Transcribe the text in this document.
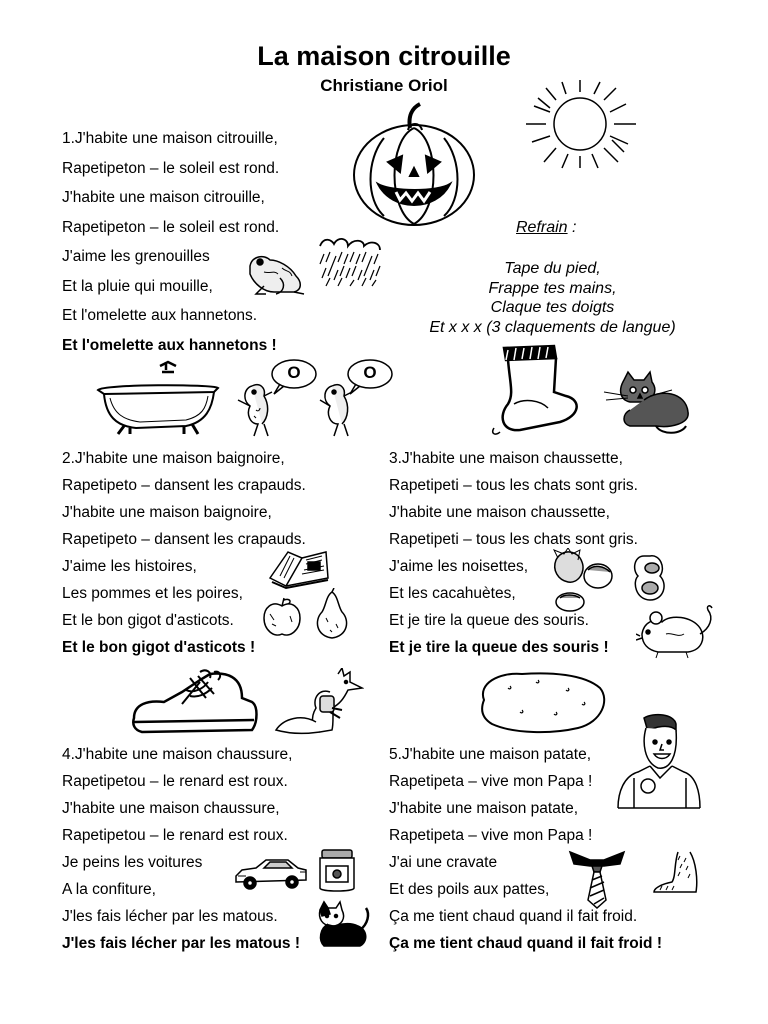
La maison citrouille
Christiane Oriol
1.J'habite une maison citrouille,
Rapetipeton – le soleil est rond.
J'habite une maison citrouille,
Rapetipeton – le soleil est rond.
J'aime les grenouilles
Et la pluie qui mouille,
Et l'omelette aux hannetons.
Et l'omelette aux hannetons !
Refrain :
Tape du pied,
Frappe tes mains,
Claque tes doigts
Et x x x (3 claquements de langue)
2.J'habite une maison baignoire,
Rapetipeto – dansent les crapauds.
J'habite une maison baignoire,
Rapetipeto – dansent les crapauds.
J'aime les histoires,
Les pommes et les poires,
Et le bon gigot d'asticots.
Et le bon gigot d'asticots !
3.J'habite une maison chaussette,
Rapetipeti – tous les chats sont gris.
J'habite une maison chaussette,
Rapetipeti – tous les chats sont gris.
J'aime les noisettes,
Et les cacahuètes,
Et je tire la queue des souris.
Et je tire la queue des souris !
4.J'habite une maison chaussure,
Rapetipetou – le renard est roux.
J'habite une maison chaussure,
Rapetipetou – le renard est roux.
Je peins les voitures
A la confiture,
J'les fais lécher par les matous.
J'les fais lécher par les matous !
5.J'habite une maison patate,
Rapetipeta – vive mon Papa !
J'habite une maison patate,
Rapetipeta – vive mon Papa !
J'ai une cravate
Et des poils aux pattes,
Ça me tient chaud quand il fait froid.
Ça me tient chaud quand il fait froid !
O	O
